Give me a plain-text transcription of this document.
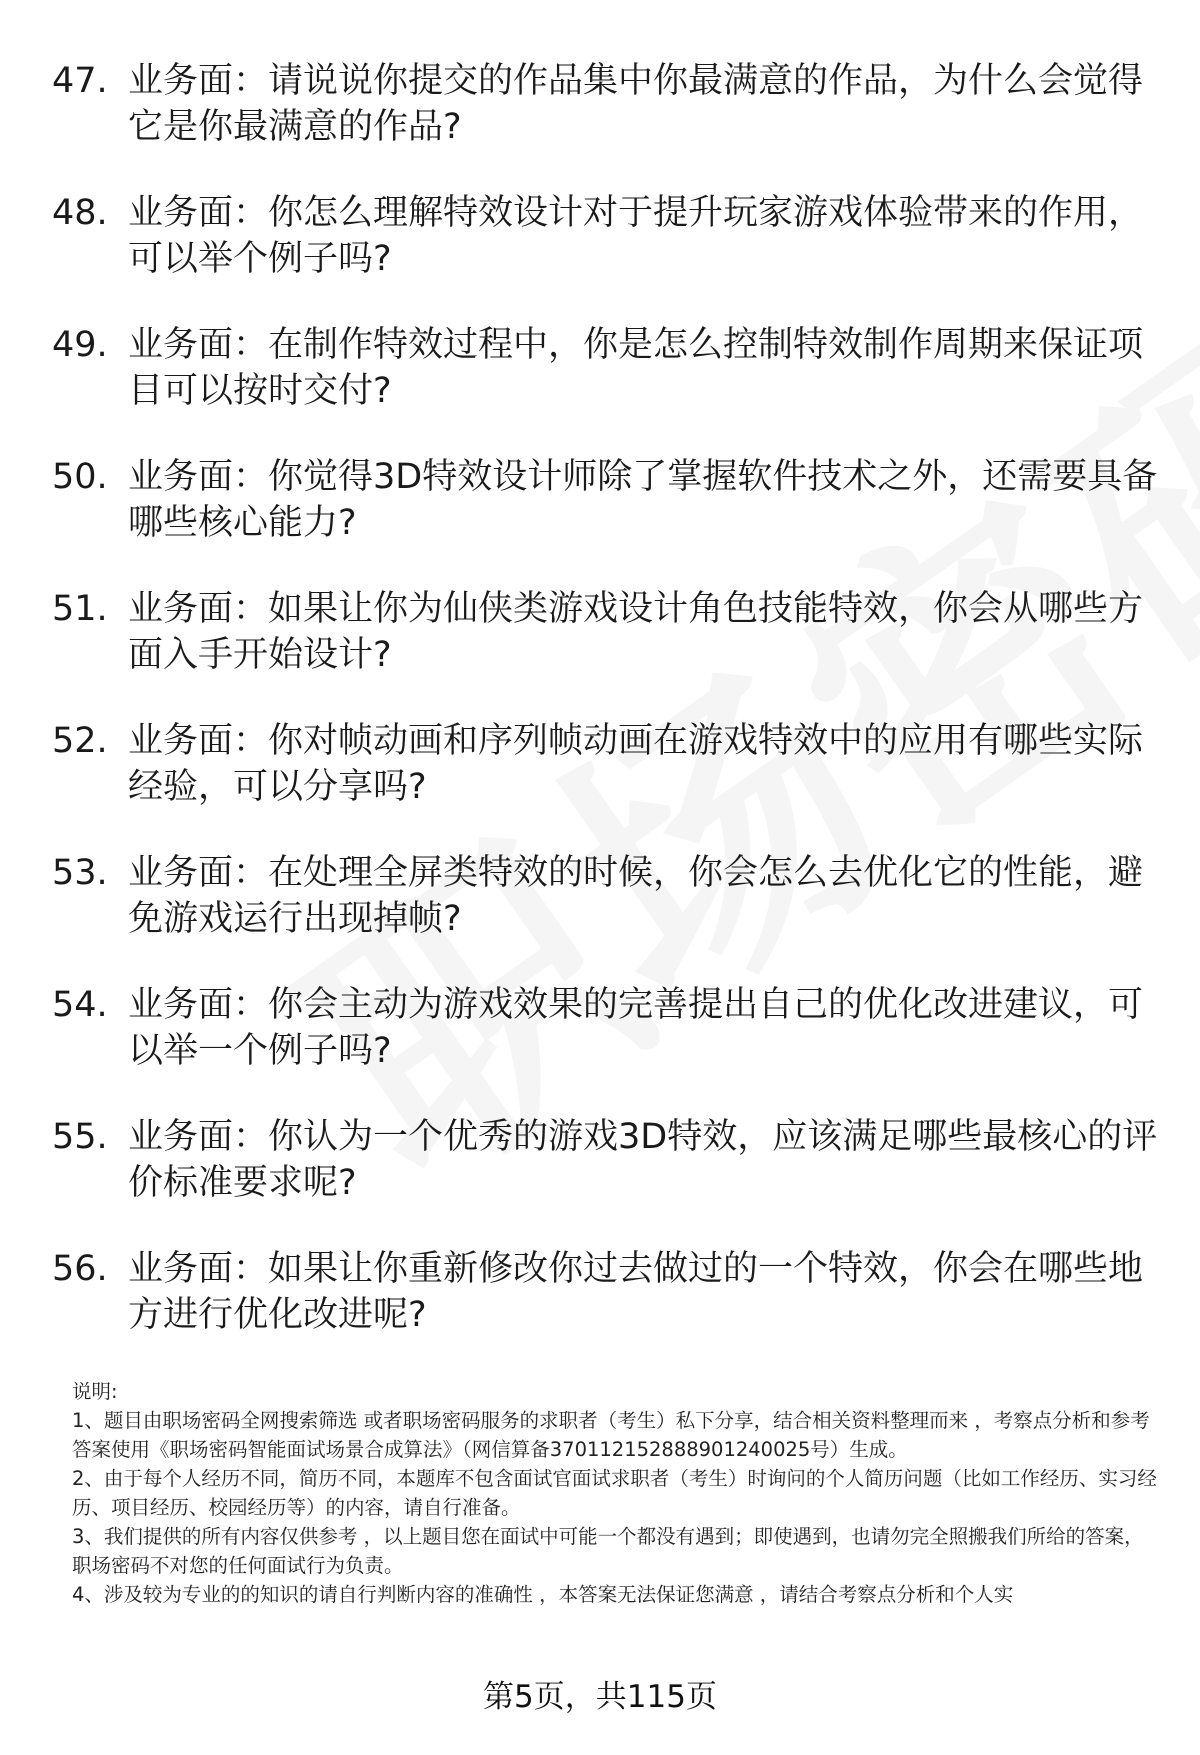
47. 业务面：请说说你提交的作品集中你最满意的作品，为什么会觉得它是你最满意的作品?
48. 业务面：你怎么理解特效设计对于提升玩家游戏体验带来的作用，可以举个例子吗?
49. 业务面：在制作特效过程中，你是怎么控制特效制作周期来保证项目可以按时交付?
50. 业务面：你觉得3D特效设计师除了掌握软件技术之外，还需要具备哪些核心能力?
51. 业务面：如果让你为仙侠类游戏设计角色技能特效，你会从哪些方面入手开始设计?
52. 业务面：你对帧动画和序列帧动画在游戏特效中的应用有哪些实际经验，可以分享吗?
53. 业务面：在处理全屏类特效的时候，你会怎么去优化它的性能，避免游戏运行出现掉帧?
54. 业务面：你会主动为游戏效果的完善提出自己的优化改进建议，可以举一个例子吗?
55. 业务面：你认为一个优秀的游戏3D特效，应该满足哪些最核心的评价标准要求呢?
56. 业务面：如果让你重新修改你过去做过的一个特效，你会在哪些地方进行优化改进呢?

说明:

1、题目由职场密码全网搜索筛选 或者职场密码服务的求职者（考生）私下分享，结合相关资料整理而来 ，考察点分析和参考答案使用《职场密码智能面试场景合成算法》（网信算备370112152888901240025号）生成。

2、由于每个人经历不同，简历不同，本题库不包含面试官面试求职者（考生）时询问的个人简历问题（比如工作经历、实习经历、项目经历、校园经历等）的内容，请自行准备。

3、我们提供的所有内容仅供参考 ，以上题目您在面试中可能一个都没有遇到；即使遇到，也请勿完全照搬我们所给的答案，职场密码不对您的任何面试行为负责。

4、涉及较为专业的的知识的请自行判断内容的准确性 ，本答案无法保证您满意 ，请结合考察点分析和个人实

第5页，共115页
